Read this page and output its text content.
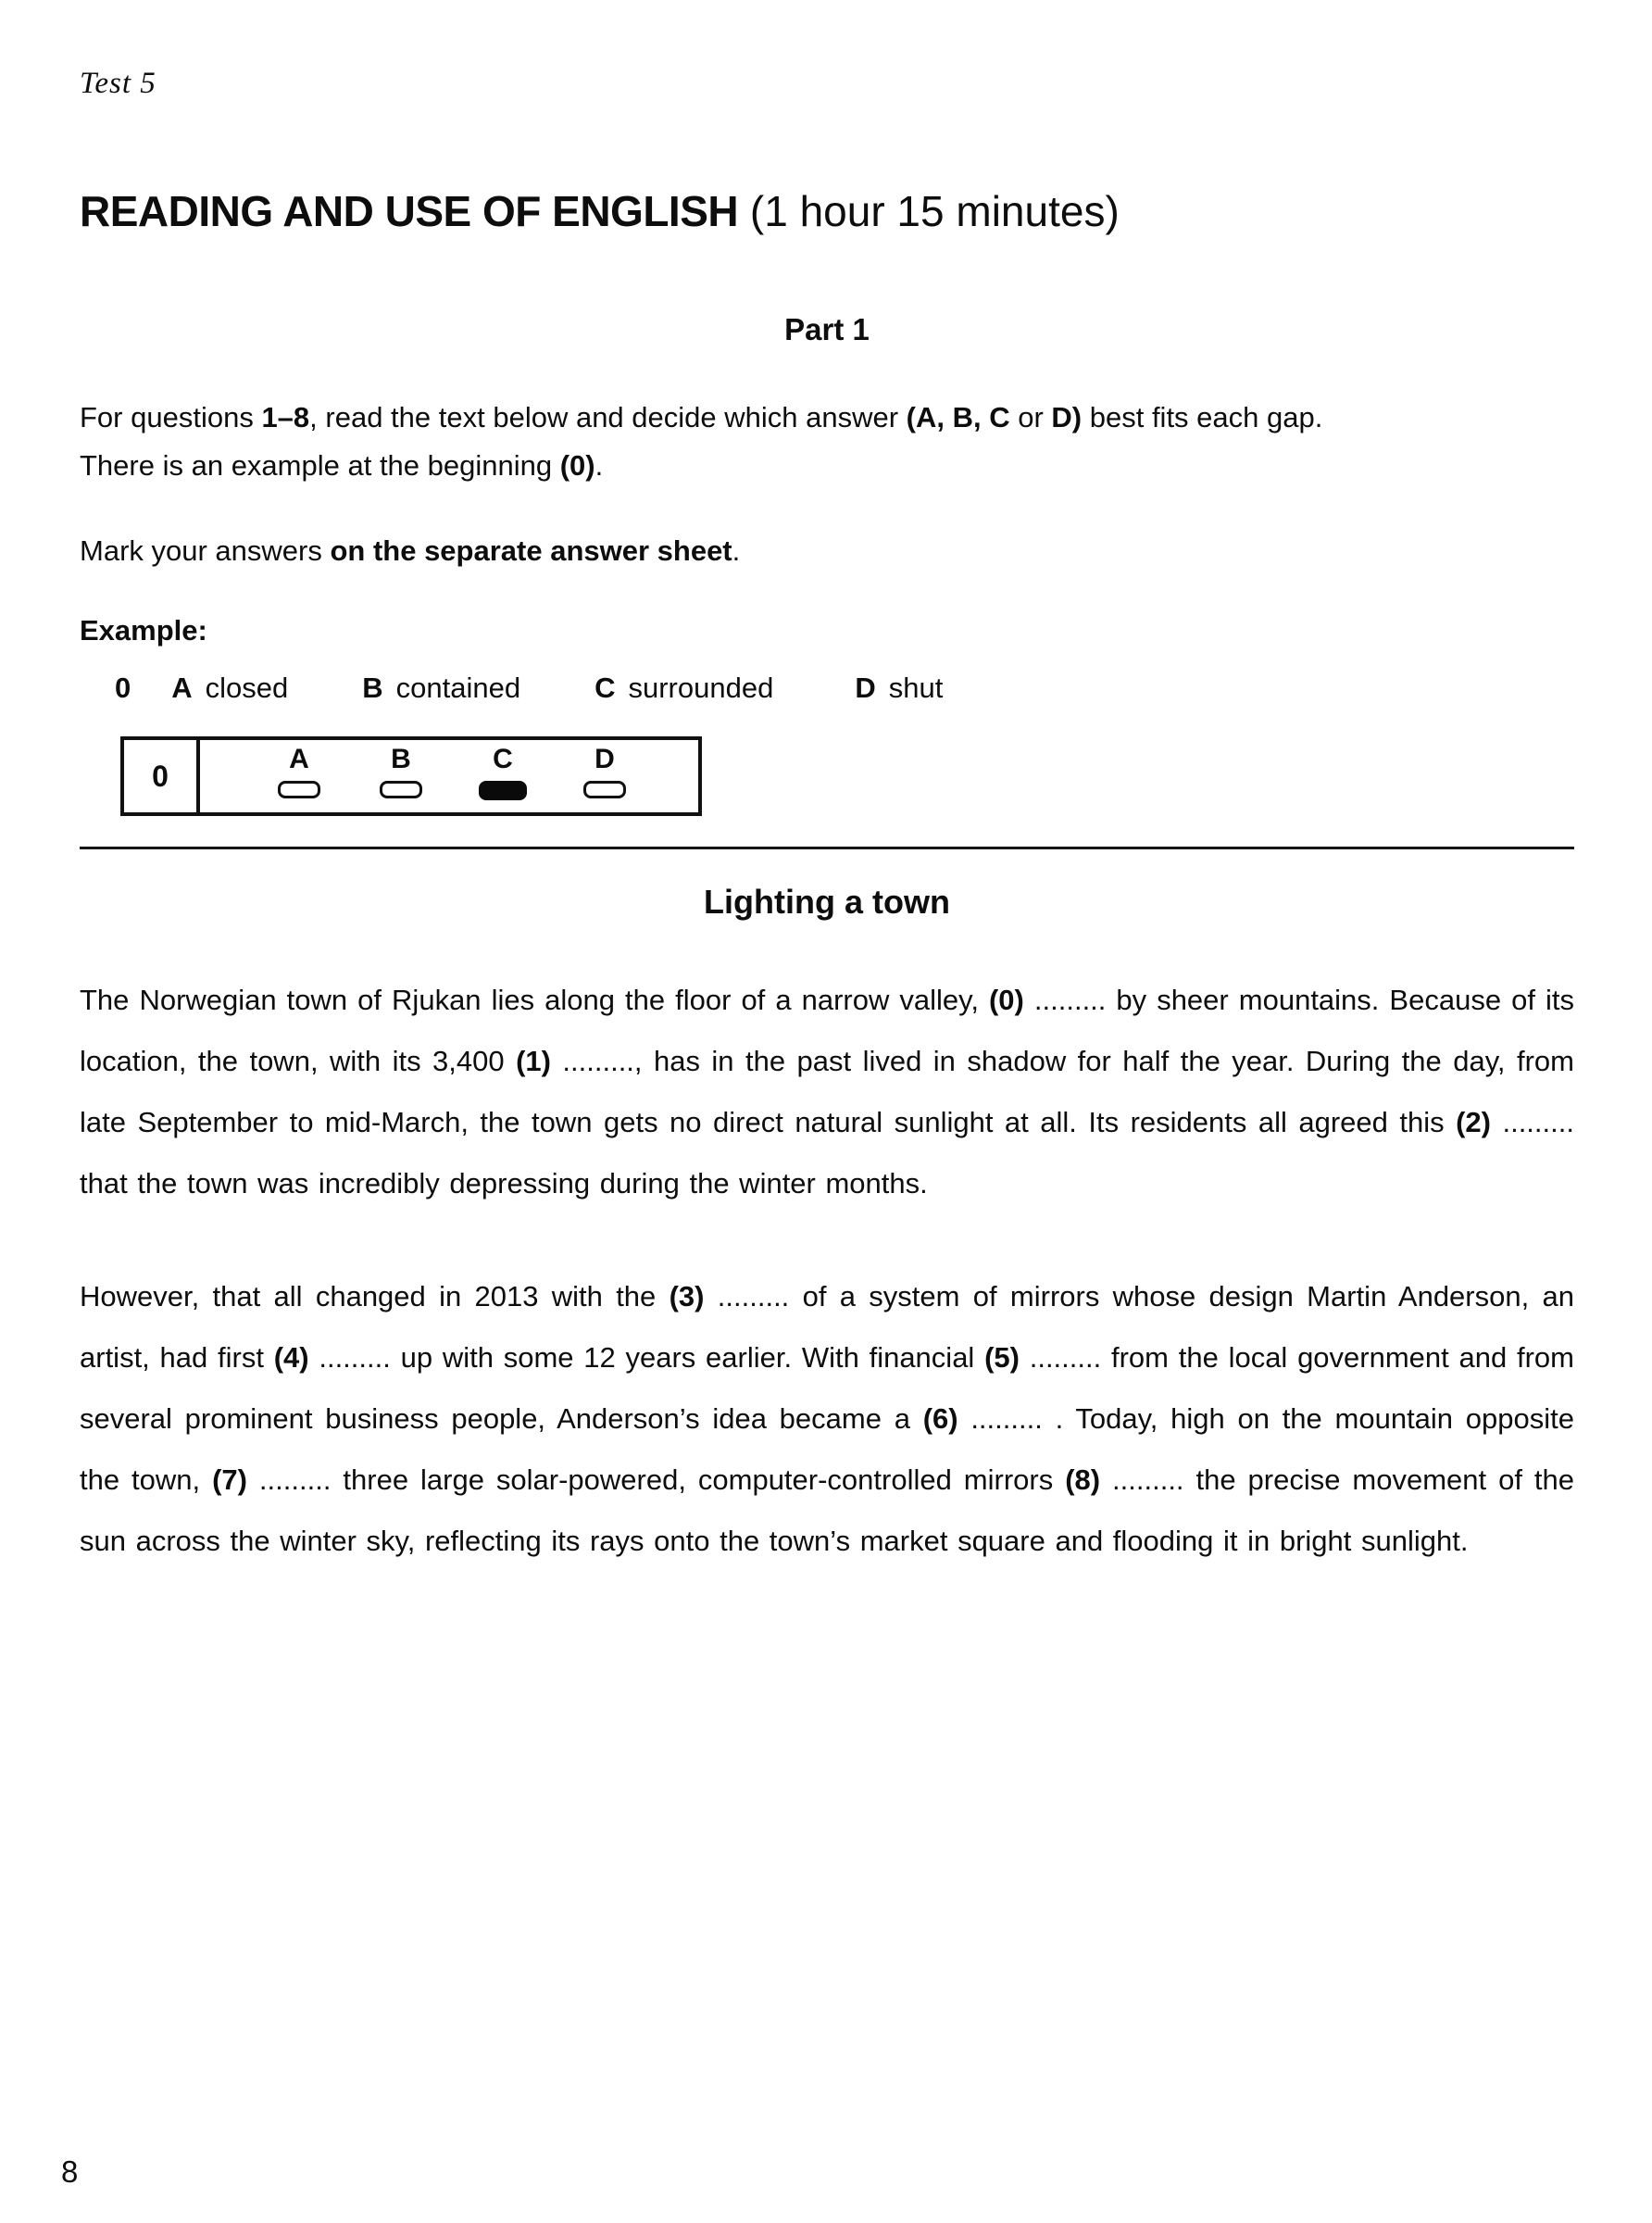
Test 5
READING AND USE OF ENGLISH (1 hour 15 minutes)
Part 1
For questions 1–8, read the text below and decide which answer (A, B, C or D) best fits each gap.
There is an example at the beginning (0).
Mark your answers on the separate answer sheet.
Example:
0 A closed	B contained	C surrounded	D shut
0	A	B	C	D
Lighting a town

The Norwegian town of Rjukan lies along the floor of a narrow valley, (0) ......... by sheer mountains. Because of its location, the town, with its 3,400 (1) ........., has in the past lived in shadow for half the year. During the day, from late September to mid-March, the town gets no direct natural sunlight at all. Its residents all agreed this (2) ......... that the town was incredibly depressing during the winter months.

However, that all changed in 2013 with the (3) ......... of a system of mirrors whose design Martin Anderson, an artist, had first (4) ......... up with some 12 years earlier. With financial (5) ......... from the local government and from several prominent business people, Anderson’s idea became a (6) ......... . Today, high on the mountain opposite the town, (7) ......... three large solar-powered, computer-controlled mirrors (8) ......... the precise movement of the sun across the winter sky, reflecting its rays onto the town’s market square and flooding it in bright sunlight.

8
